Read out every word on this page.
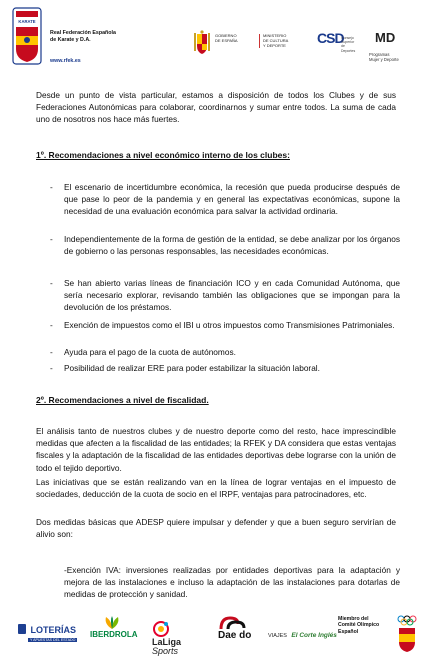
KARATE
Real Federación Española
de Karate y D.A.
www.rfek.es
GOBIERNO
DE ESPAÑA
MINISTERIO
DE CULTURA
Y DEPORTE	CSD
Consejo
Superior de
Deportes
MD
Programas
Mujer y Deporte
Desde un punto de vista particular, estamos a disposición de todos los Clubes y de sus Federaciones Autonómicas para colaborar, coordinarnos y sumar entre todos. La suma de cada uno de nosotros nos hace más fuertes.
1º. Recomendaciones a nivel económico interno de los clubes:
- El escenario de incertidumbre económica, la recesión que pueda producirse después de que pase lo peor de la pandemia y en general las expectativas económicas, supone la necesidad de una evaluación económica para salvar la actividad ordinaria.
- Independientemente de la forma de gestión de la entidad, se debe analizar por los órganos de gobierno o las personas responsables, las necesidades económicas.
- Se han abierto varias líneas de financiación ICO y en cada Comunidad Autónoma, que sería necesario explorar, revisando también las obligaciones que se impongan para la devolución de los préstamos.
- Exención de impuestos como el IBI u otros impuestos como Transmisiones Patrimoniales.
- Ayuda para el pago de la cuota de autónomos.
- Posibilidad de realizar ERE para poder estabilizar la situación laboral.
2º. Recomendaciones a nivel de fiscalidad.
El análisis tanto de nuestros clubes y de nuestro deporte como del resto, hace imprescindible medidas que afecten a la fiscalidad de las entidades; la RFEK y DA considera que estas ventajas fiscales y la adaptación de la fiscalidad de las entidades deportivas debe lograrse con la unión de todo el tejido deportivo.
Las iniciativas que se están realizando van en la línea de lograr ventajas en el impuesto de sociedades, deducción de la cuota de socio en el IRPF, ventajas para patrocinadores, etc.
Dos medidas básicas que ADESP quiere impulsar y defender y que a buen seguro servirían de alivio son:
-Exención IVA: inversiones realizadas por entidades deportivas para la adaptación y mejora de las instalaciones e incluso la adaptación de las instalaciones para dotarlas de medidas de protección y sanidad.
LOTERÍAS
Y APUESTAS DEL ESTADO
IBERDROLA
LaLiga
Sports
Dae do	VIAJES El Corte Inglés
Miembro del
Comité Olímpico
Español
